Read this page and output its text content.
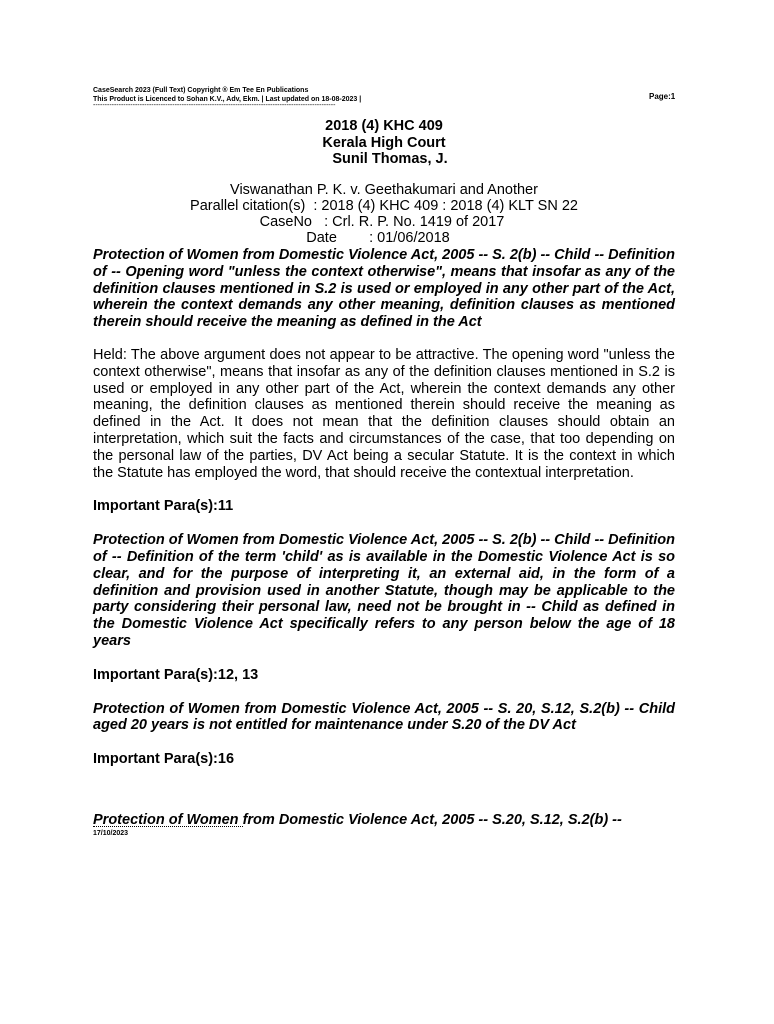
CaseSearch 2023 (Full Text) Copyright ® Em Tee En Publications
This Product is Licenced to Sohan K.V., Adv, Ekm. | Last updated on 18-08-2023 |
--------------------------------------------------------------------------------------------------------
Page:1
2018 (4) KHC 409
Kerala High Court
Sunil Thomas, J.
Viswanathan P. K. v. Geethakumari and Another
Parallel citation(s)  : 2018 (4) KHC 409 : 2018 (4) KLT SN 22
CaseNo   : Crl. R. P. No. 1419 of 2017
Date        : 01/06/2018

Protection of Women from Domestic Violence Act, 2005 -- S. 2(b) -- Child -- Definition of -- Opening word "unless the context otherwise", means that insofar as any of the definition clauses mentioned in S.2 is used or employed in any other part of the Act, wherein the context demands any other meaning, definition clauses as mentioned therein should receive the meaning as defined in the Act

Held: The above argument does not appear to be attractive. The opening word "unless the context otherwise", means that insofar as any of the definition clauses mentioned in S.2 is used or employed in any other part of the Act, wherein the context demands any other meaning, the definition clauses as mentioned therein should receive the meaning as defined in the Act. It does not mean that the definition clauses should obtain an interpretation, which suit the facts and circumstances of the case, that too depending on the personal law of the parties, DV Act being a secular Statute. It is the context in which the Statute has employed the word, that should receive the contextual interpretation.

Important Para(s):11

Protection of Women from Domestic Violence Act, 2005 -- S. 2(b) -- Child -- Definition of -- Definition of the term 'child' as is available in the Domestic Violence Act is so clear, and for the purpose of interpreting it, an external aid, in the form of a definition and provision used in another Statute, though may be applicable to the party considering their personal law, need not be brought in -- Child as defined in the Domestic Violence Act specifically refers to any person below the age of 18 years

Important Para(s):12, 13

Protection of Women from Domestic Violence Act, 2005 -- S. 20, S.12, S.2(b) -- Child aged 20 years is not entitled for maintenance under S.20 of the DV Act

Important Para(s):16

Protection of Women from Domestic Violence Act, 2005 -- S.20, S.12, S.2(b) --
17/10/2023
